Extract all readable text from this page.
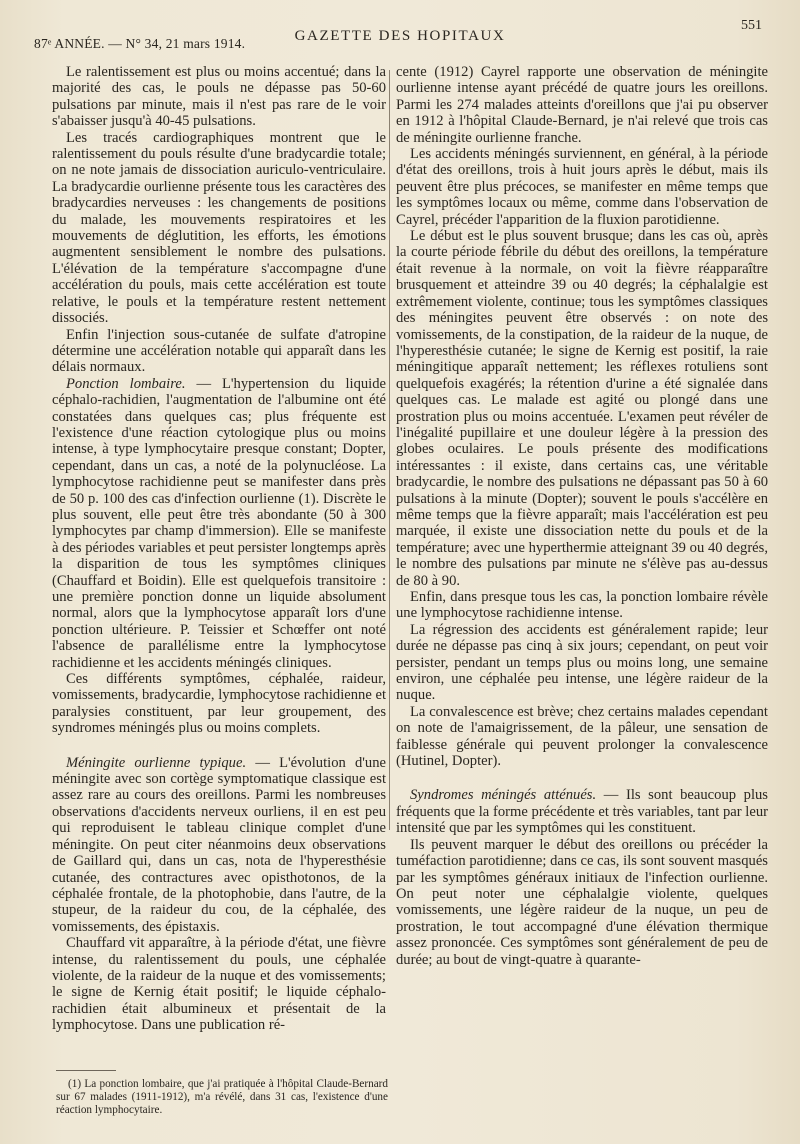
87ᵉ ANNÉE. — N° 34, 21 mars 1914.	GAZETTE DES HOPITAUX
551

Le ralentissement est plus ou moins accentué; dans la majorité des cas, le pouls ne dépasse pas 50-60 pulsations par minute, mais il n'est pas rare de le voir s'abaisser jusqu'à 40-45 pulsations.

Les tracés cardiographiques montrent que le ralentissement du pouls résulte d'une bradycardie totale; on ne note jamais de dissociation auriculo-ventriculaire. La bradycardie ourlienne présente tous les caractères des bradycardies nerveuses : les changements de positions du malade, les mouvements respiratoires et les mouvements de déglutition, les efforts, les émotions augmentent sensiblement le nombre des pulsations. L'élévation de la température s'accompagne d'une accélération du pouls, mais cette accélération est toute relative, le pouls et la température restent nettement dissociés.

Enfin l'injection sous-cutanée de sulfate d'atropine détermine une accélération notable qui apparaît dans les délais normaux.

Ponction lombaire. — L'hypertension du liquide céphalo-rachidien, l'augmentation de l'albumine ont été constatées dans quelques cas; plus fréquente est l'existence d'une réaction cytologique plus ou moins intense, à type lymphocytaire presque constant; Dopter, cependant, dans un cas, a noté de la polynucléose. La lymphocytose rachidienne peut se manifester dans près de 50 p. 100 des cas d'infection ourlienne (1). Discrète le plus souvent, elle peut être très abondante (50 à 300 lymphocytes par champ d'immersion). Elle se manifeste à des périodes variables et peut persister longtemps après la disparition de tous les symptômes cliniques (Chauffard et Boidin). Elle est quelquefois transitoire : une première ponction donne un liquide absolument normal, alors que la lymphocytose apparaît lors d'une ponction ultérieure. P. Teissier et Schœffer ont noté l'absence de parallélisme entre la lymphocytose rachidienne et les accidents méningés cliniques.

Ces différents symptômes, céphalée, raideur, vomissements, bradycardie, lymphocytose rachidienne et paralysies constituent, par leur groupement, des syndromes méningés plus ou moins complets.

Méningite ourlienne typique. — L'évolution d'une méningite avec son cortège symptomatique classique est assez rare au cours des oreillons. Parmi les nombreuses observations d'accidents nerveux ourliens, il en est peu qui reproduisent le tableau clinique complet d'une méningite. On peut citer néanmoins deux observations de Gaillard qui, dans un cas, nota de l'hyperesthésie cutanée, des contractures avec opisthotonos, de la céphalée frontale, de la photophobie, dans l'autre, de la stupeur, de la raideur du cou, de la céphalée, des vomissements, des épistaxis.

Chauffard vit apparaître, à la période d'état, une fièvre intense, du ralentissement du pouls, une céphalée violente, de la raideur de la nuque et des vomissements; le signe de Kernig était positif; le liquide céphalo-rachidien était albumineux et présentait de la lymphocytose. Dans une publication ré-

cente (1912) Cayrel rapporte une observation de méningite ourlienne intense ayant précédé de quatre jours les oreillons. Parmi les 274 malades atteints d'oreillons que j'ai pu observer en 1912 à l'hôpital Claude-Bernard, je n'ai relevé que trois cas de méningite ourlienne franche.

Les accidents méningés surviennent, en général, à la période d'état des oreillons, trois à huit jours après le début, mais ils peuvent être plus précoces, se manifester en même temps que les symptômes locaux ou même, comme dans l'observation de Cayrel, précéder l'apparition de la fluxion parotidienne.

Le début est le plus souvent brusque; dans les cas où, après la courte période fébrile du début des oreillons, la température était revenue à la normale, on voit la fièvre réapparaître brusquement et atteindre 39 ou 40 degrés; la céphalalgie est extrêmement violente, continue; tous les symptômes classiques des méningites peuvent être observés : on note des vomissements, de la constipation, de la raideur de la nuque, de l'hyperesthésie cutanée; le signe de Kernig est positif, la raie méningitique apparaît nettement; les réflexes rotuliens sont quelquefois exagérés; la rétention d'urine a été signalée dans quelques cas. Le malade est agité ou plongé dans une prostration plus ou moins accentuée. L'examen peut révéler de l'inégalité pupillaire et une douleur légère à la pression des globes oculaires. Le pouls présente des modifications intéressantes : il existe, dans certains cas, une véritable bradycardie, le nombre des pulsations ne dépassant pas 50 à 60 pulsations à la minute (Dopter); souvent le pouls s'accélère en même temps que la fièvre apparaît; mais l'accélération est peu marquée, il existe une dissociation nette du pouls et de la température; avec une hyperthermie atteignant 39 ou 40 degrés, le nombre des pulsations par minute ne s'élève pas au-dessus de 80 à 90.

Enfin, dans presque tous les cas, la ponction lombaire révèle une lymphocytose rachidienne intense.

La régression des accidents est généralement rapide; leur durée ne dépasse pas cinq à six jours; cependant, on peut voir persister, pendant un temps plus ou moins long, une semaine environ, une céphalée peu intense, une légère raideur de la nuque.

La convalescence est brève; chez certains malades cependant on note de l'amaigrissement, de la pâleur, une sensation de faiblesse générale qui peuvent prolonger la convalescence (Hutinel, Dopter).

Syndromes méningés atténués. — Ils sont beaucoup plus fréquents que la forme précédente et très variables, tant par leur intensité que par les symptômes qui les constituent.

Ils peuvent marquer le début des oreillons ou précéder la tuméfaction parotidienne; dans ce cas, ils sont souvent masqués par les symptômes généraux initiaux de l'infection ourlienne. On peut noter une céphalalgie violente, quelques vomissements, une légère raideur de la nuque, un peu de prostration, le tout accompagné d'une élévation thermique assez prononcée. Ces symptômes sont généralement de peu de durée; au bout de vingt-quatre à quarante-

(1) La ponction lombaire, que j'ai pratiquée à l'hôpital Claude-Bernard sur 67 malades (1911-1912), m'a révélé, dans 31 cas, l'existence d'une réaction lymphocytaire.
